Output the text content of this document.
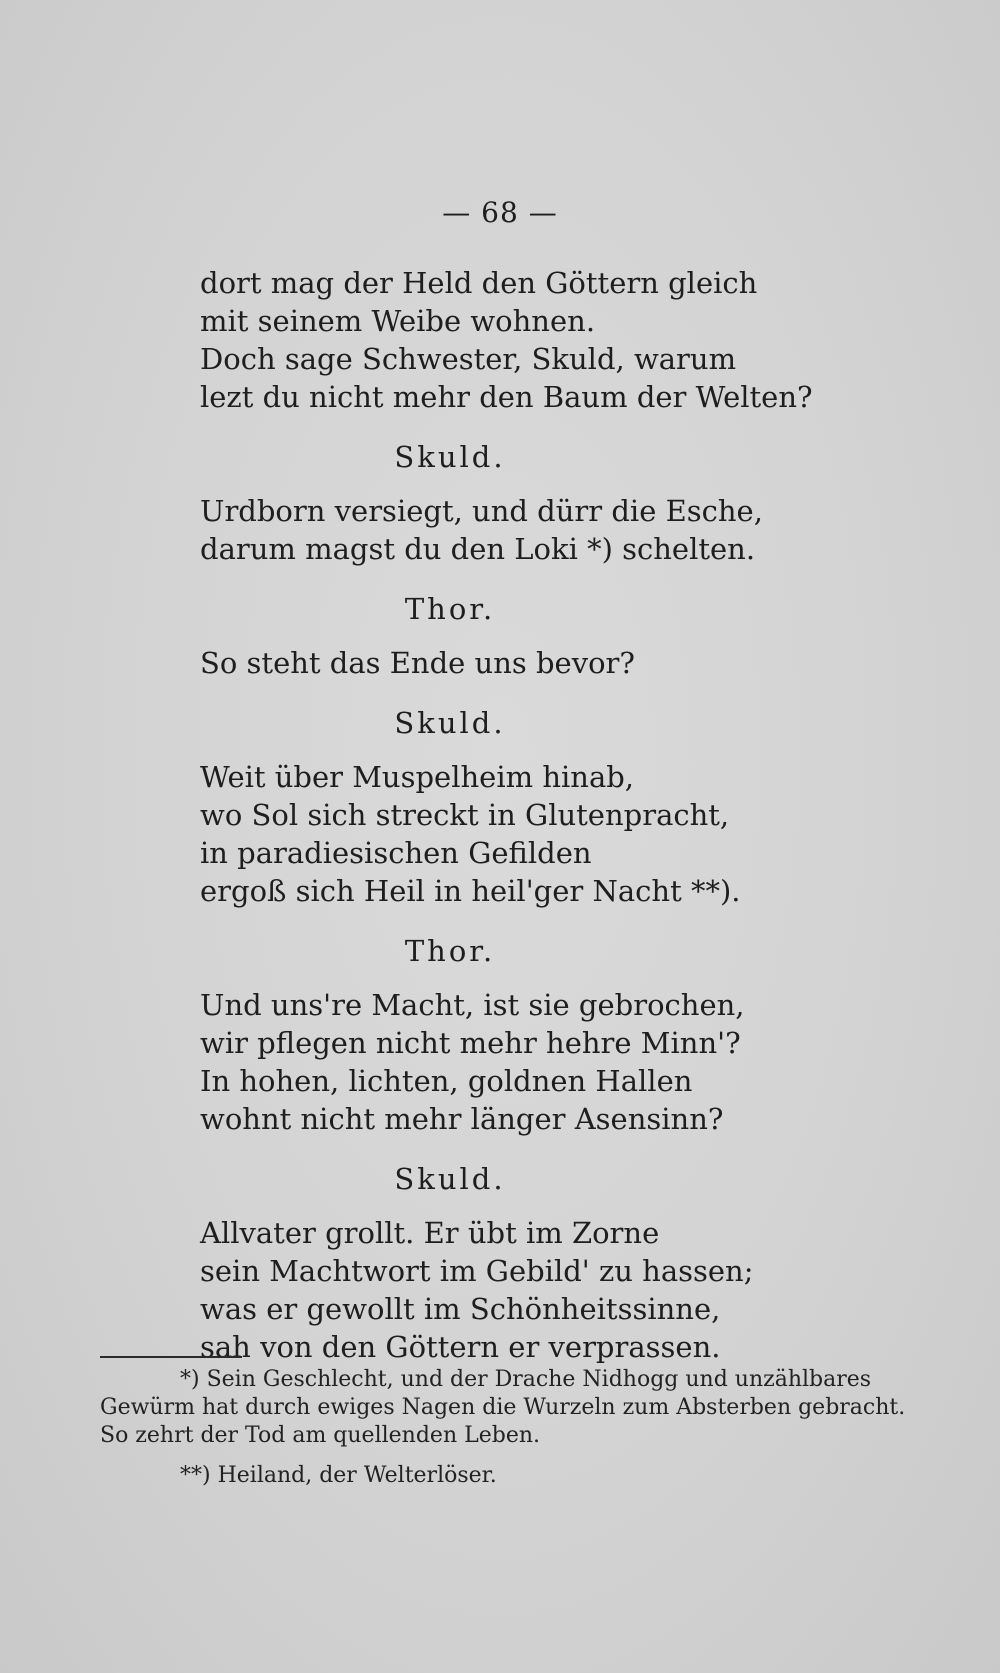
— 68 —

dort mag der Held den Göttern gleich

mit seinem Weibe wohnen.

Doch sage Schwester, Skuld, warum

lezt du nicht mehr den Baum der Welten?

Skuld.

Urdborn versiegt, und dürr die Esche,

darum magst du den Loki *) schelten.

Thor.

So steht das Ende uns bevor?

Skuld.

Weit über Muspelheim hinab,

wo Sol sich streckt in Glutenpracht,

in paradiesischen Gefilden

ergoß sich Heil in heil'ger Nacht **).

Thor.

Und uns're Macht, ist sie gebrochen,

wir pflegen nicht mehr hehre Minn'?

In hohen, lichten, goldnen Hallen

wohnt nicht mehr länger Asensinn?

Skuld.

Allvater grollt. Er übt im Zorne

sein Machtwort im Gebild' zu hassen;

was er gewollt im Schönheitssinne,

sah von den Göttern er verprassen.

*) Sein Geschlecht, und der Drache Nidhogg und unzählbares

Gewürm hat durch ewiges Nagen die Wurzeln zum Absterben gebracht.

So zehrt der Tod am quellenden Leben.

**) Heiland, der Welterlöser.
